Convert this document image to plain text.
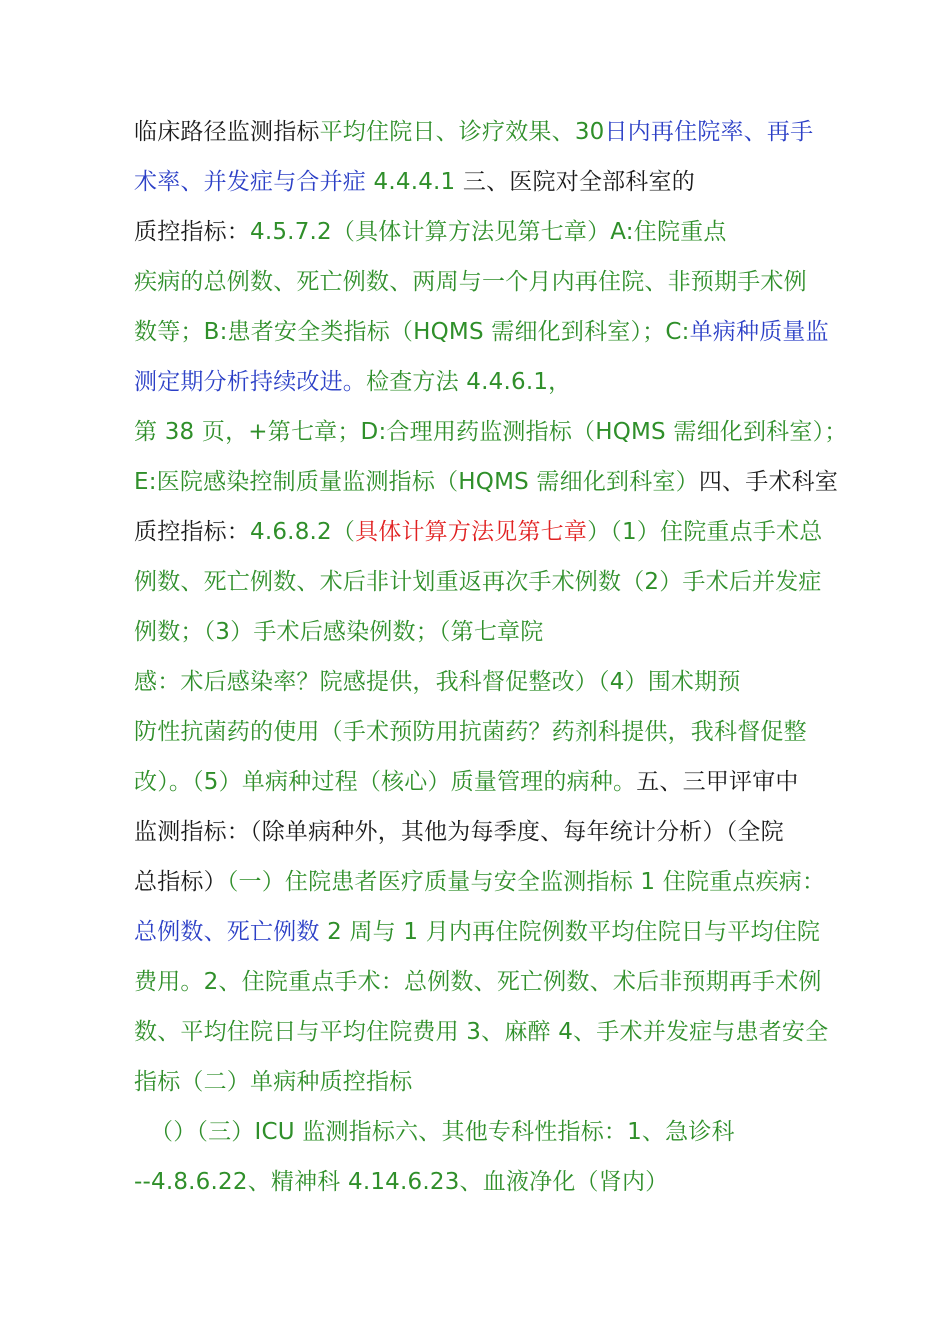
临床路径监测指标平均住院日、诊疗效果、30日内再住院率、再手
术率、并发症与合并症 4.4.4.1 三、医院对全部科室的
质控指标：4.5.7.2（具体计算方法见第七章）A:住院重点
疾病的总例数、死亡例数、两周与一个月内再住院、非预期手术例
数等；B:患者安全类指标（HQMS 需细化到科室）；C:单病种质量监
测定期分析持续改进。检查方法 4.4.6.1，
第 38 页，+第七章；D:合理用药监测指标（HQMS 需细化到科室）；
E:医院感染控制质量监测指标（HQMS 需细化到科室）四、手术科室
质控指标：4.6.8.2（具体计算方法见第七章）（1）住院重点手术总
例数、死亡例数、术后非计划重返再次手术例数（2）手术后并发症
例数；（3）手术后感染例数；（第七章院
感：术后感染率？院感提供，我科督促整改）（4）围术期预
防性抗菌药的使用（手术预防用抗菌药？药剂科提供，我科督促整
改）。（5）单病种过程（核心）质量管理的病种。五、三甲评审中
监测指标：（除单病种外，其他为每季度、每年统计分析）（全院
总指标）（一）住院患者医疗质量与安全监测指标 1 住院重点疾病：
总例数、死亡例数 2 周与 1 月内再住院例数平均住院日与平均住院
费用。2、住院重点手术：总例数、死亡例数、术后非预期再手术例
数、平均住院日与平均住院费用 3、麻醉 4、手术并发症与患者安全
指标（二）单病种质控指标
（）（三）ICU 监测指标六、其他专科性指标：1、急诊科
--4.8.6.22、精神科 4.14.6.23、血液净化（肾内）
